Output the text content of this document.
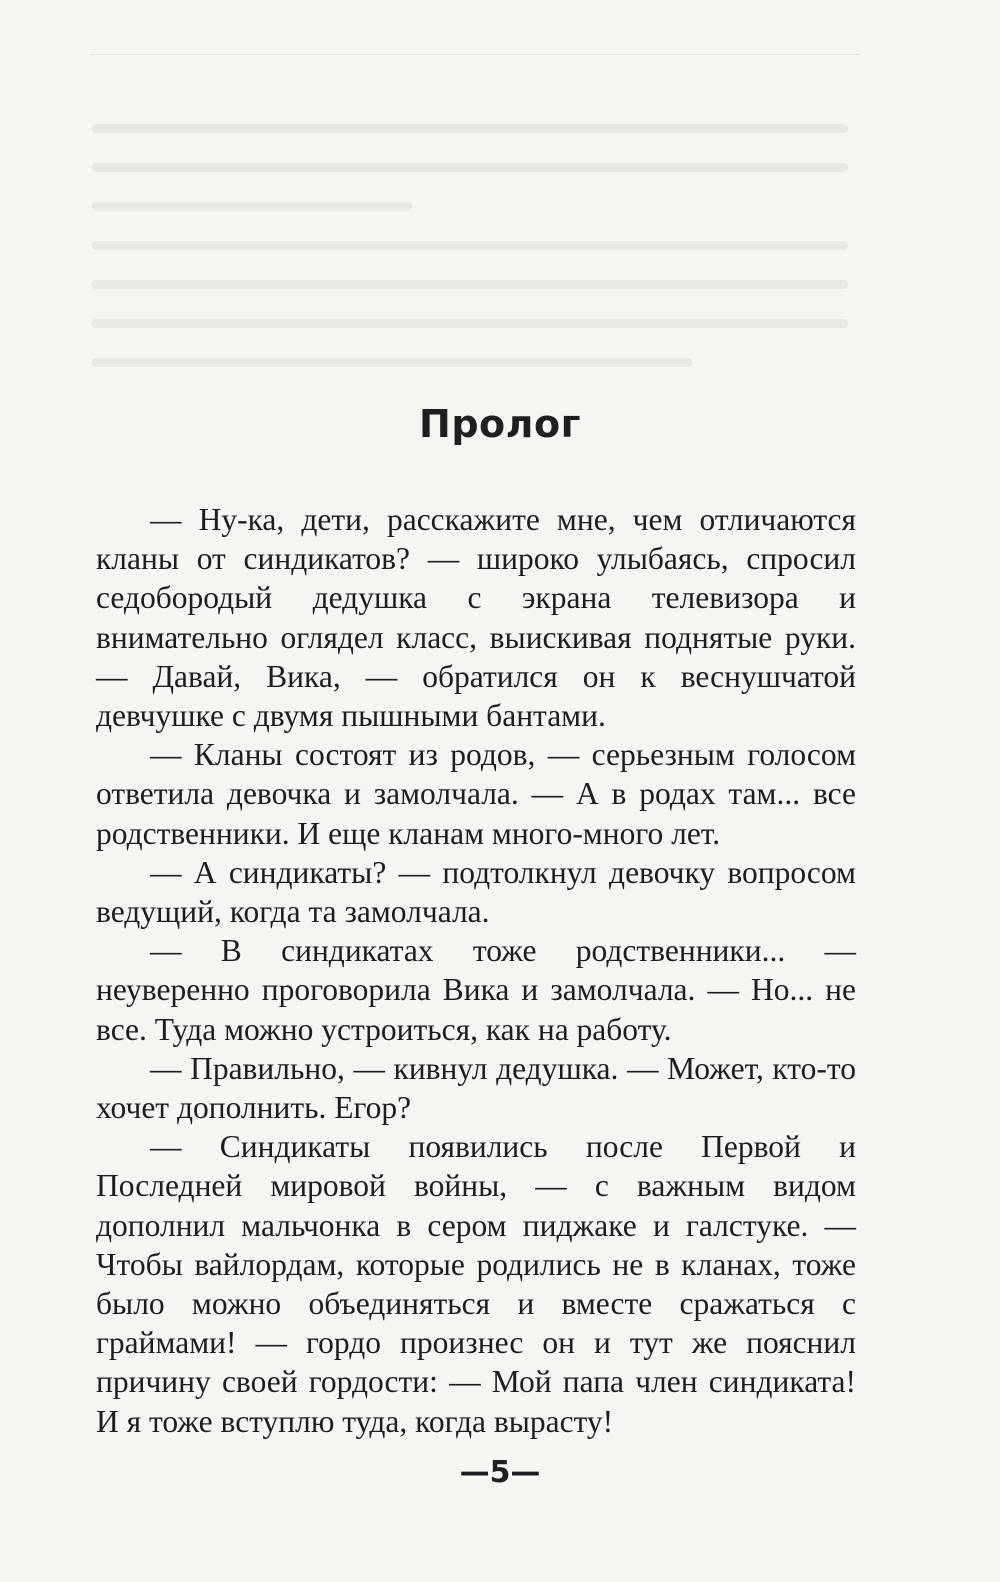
Пролог

— Ну-ка, дети, расскажите мне, чем отличаются кланы от синдикатов? — широко улыбаясь, спросил седобородый дедушка с экрана телевизора и внимательно оглядел класс, выискивая поднятые руки. — Давай, Вика, — обратился он к веснушчатой девчушке с двумя пышными бантами.

— Кланы состоят из родов, — серьезным голосом ответила девочка и замолчала. — А в родах там... все родственники. И еще кланам много-много лет.

— А синдикаты? — подтолкнул девочку вопросом ведущий, когда та замолчала.

— В синдикатах тоже родственники... — неуверенно проговорила Вика и замолчала. — Но... не все. Туда можно устроиться, как на работу.

— Правильно, — кивнул дедушка. — Может, кто-то хочет дополнить. Егор?

— Синдикаты появились после Первой и Последней мировой войны, — с важным видом дополнил мальчонка в сером пиджаке и галстуке. — Чтобы вайлордам, которые родились не в кланах, тоже было можно объединяться и вместе сражаться с граймами! — гордо произнес он и тут же пояснил причину своей гордости: — Мой папа член синдиката! И я тоже вступлю туда, когда вырасту!

—5—
